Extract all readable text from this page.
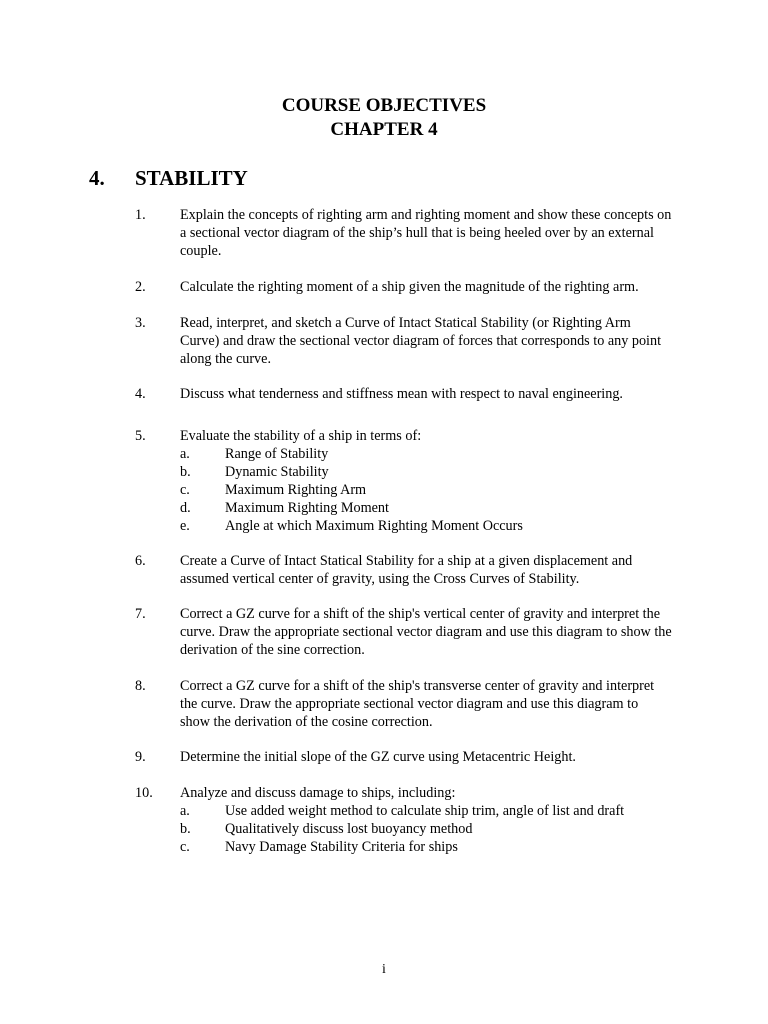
COURSE OBJECTIVES
CHAPTER 4
4. STABILITY
1. Explain the concepts of righting arm and righting moment and show these concepts on a sectional vector diagram of the ship’s hull that is being heeled over by an external couple.
2. Calculate the righting moment of a ship given the magnitude of the righting arm.
3. Read, interpret, and sketch a Curve of Intact Statical Stability (or Righting Arm Curve) and draw the sectional vector diagram of forces that corresponds to any point along the curve.
4. Discuss what tenderness and stiffness mean with respect to naval engineering.
5. Evaluate the stability of a ship in terms of:
a. Range of Stability
b. Dynamic Stability
c. Maximum Righting Arm
d. Maximum Righting Moment
e. Angle at which Maximum Righting Moment Occurs
6. Create a Curve of Intact Statical Stability for a ship at a given displacement and assumed vertical center of gravity, using the Cross Curves of Stability.
7. Correct a GZ curve for a shift of the ship's vertical center of gravity and interpret the curve. Draw the appropriate sectional vector diagram and use this diagram to show the derivation of the sine correction.
8. Correct a GZ curve for a shift of the ship's transverse center of gravity and interpret the curve. Draw the appropriate sectional vector diagram and use this diagram to show the derivation of the cosine correction.
9. Determine the initial slope of the GZ curve using Metacentric Height.
10. Analyze and discuss damage to ships, including:
a. Use added weight method to calculate ship trim, angle of list and draft
b. Qualitatively discuss lost buoyancy method
c. Navy Damage Stability Criteria for ships
i
